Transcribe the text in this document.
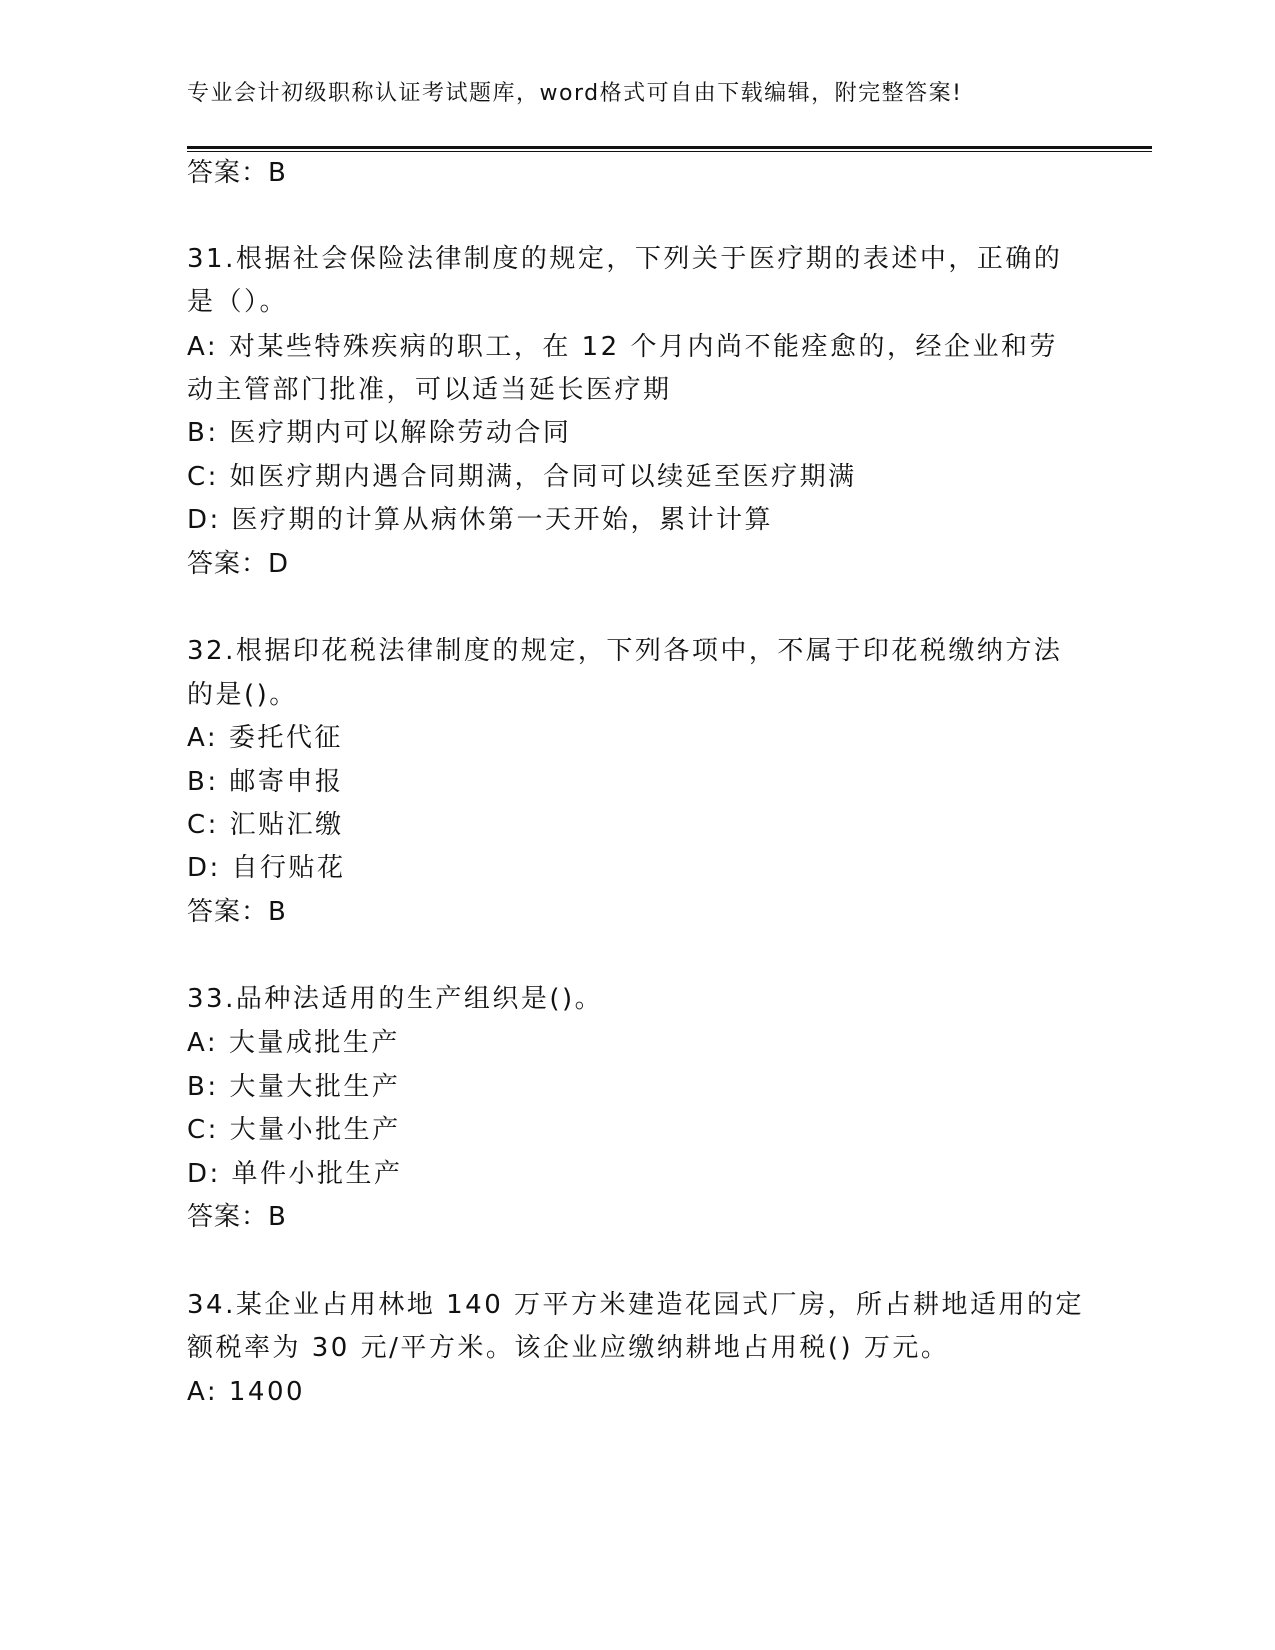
专业会计初级职称认证考试题库，word格式可自由下载编辑，附完整答案!
答案：B
31.根据社会保险法律制度的规定，下列关于医疗期的表述中，正确的
是（）。
A: 对某些特殊疾病的职工，在 12 个月内尚不能痊愈的，经企业和劳
动主管部门批准，可以适当延长医疗期
B: 医疗期内可以解除劳动合同
C: 如医疗期内遇合同期满，合同可以续延至医疗期满
D: 医疗期的计算从病休第一天开始，累计计算
答案：D
32.根据印花税法律制度的规定，下列各项中，不属于印花税缴纳方法
的是()。
A: 委托代征
B: 邮寄申报
C: 汇贴汇缴
D: 自行贴花
答案：B
33.品种法适用的生产组织是()。
A: 大量成批生产
B: 大量大批生产
C: 大量小批生产
D: 单件小批生产
答案：B
34.某企业占用林地 140 万平方米建造花园式厂房，所占耕地适用的定
额税率为 30 元/平方米。该企业应缴纳耕地占用税() 万元。
A: 1400
